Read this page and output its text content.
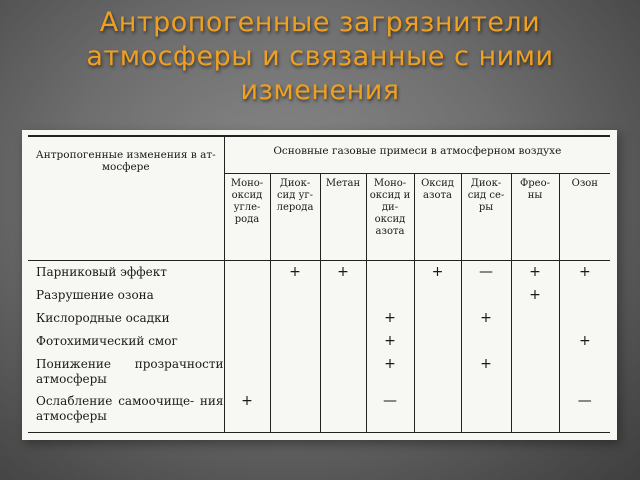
Антропогенные загрязнители
атмосферы и связанные с ними
изменения
Антропогенные изменения в ат- мосфере	Основные газовые примеси в атмосферном воздухе							
	Моно- оксид угле- рода	Диок- сид уг- лерода	Метан	Моно- оксид и ди- оксид азота	Оксид азота	Диок- сид се- ры	Фрео- ны	Озон
Парниковый эффект		+	+		+	—	+	+
Разрушение озона							+	
Кислородные осадки				+		+		
Фотохимический смог				+				+
Понижение прозрачности атмосферы				+		+		
Ослабление самоочище- ния атмосферы	+			—				—
